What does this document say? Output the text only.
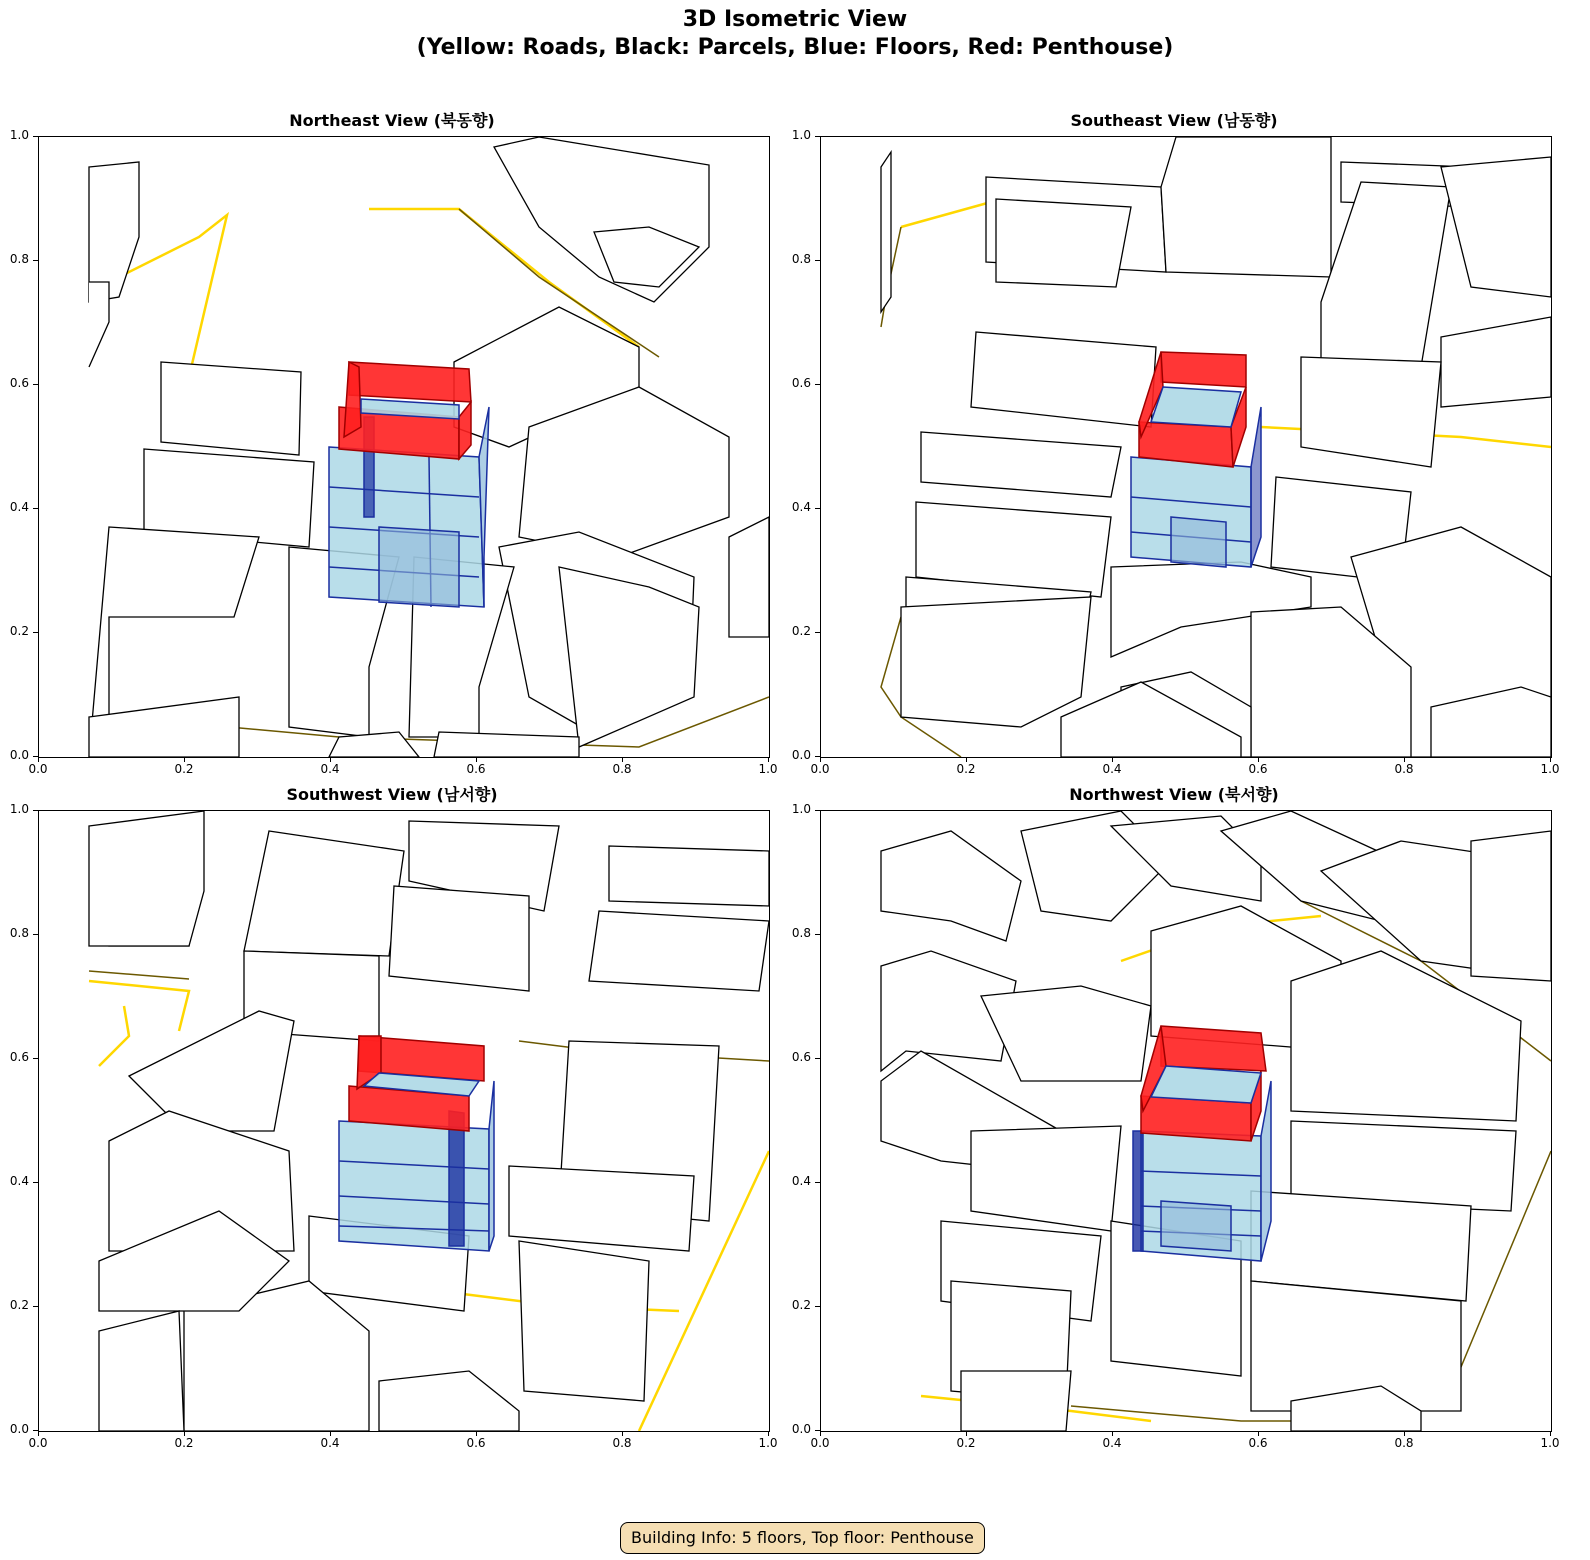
3D Isometric View
(Yellow: Roads, Black: Parcels, Blue: Floors, Red: Penthouse)
Northeast View (북동향)
0.0	0.2	0.4	0.6	0.8	1.0
0.0
0.2
0.4
0.6
0.8
1.0
Southeast View (남동향)
0.0	0.2	0.4	0.6	0.8	1.0
0.0
0.2
0.4
0.6
0.8
1.0
Southwest View (남서향)
0.0	0.2	0.4	0.6	0.8	1.0
0.0
0.2
0.4
0.6
0.8
1.0
Northwest View (북서향)
0.0	0.2	0.4	0.6	0.8	1.0
0.0
0.2
0.4
0.6
0.8
1.0
Building Info: 5 floors, Top floor: Penthouse
